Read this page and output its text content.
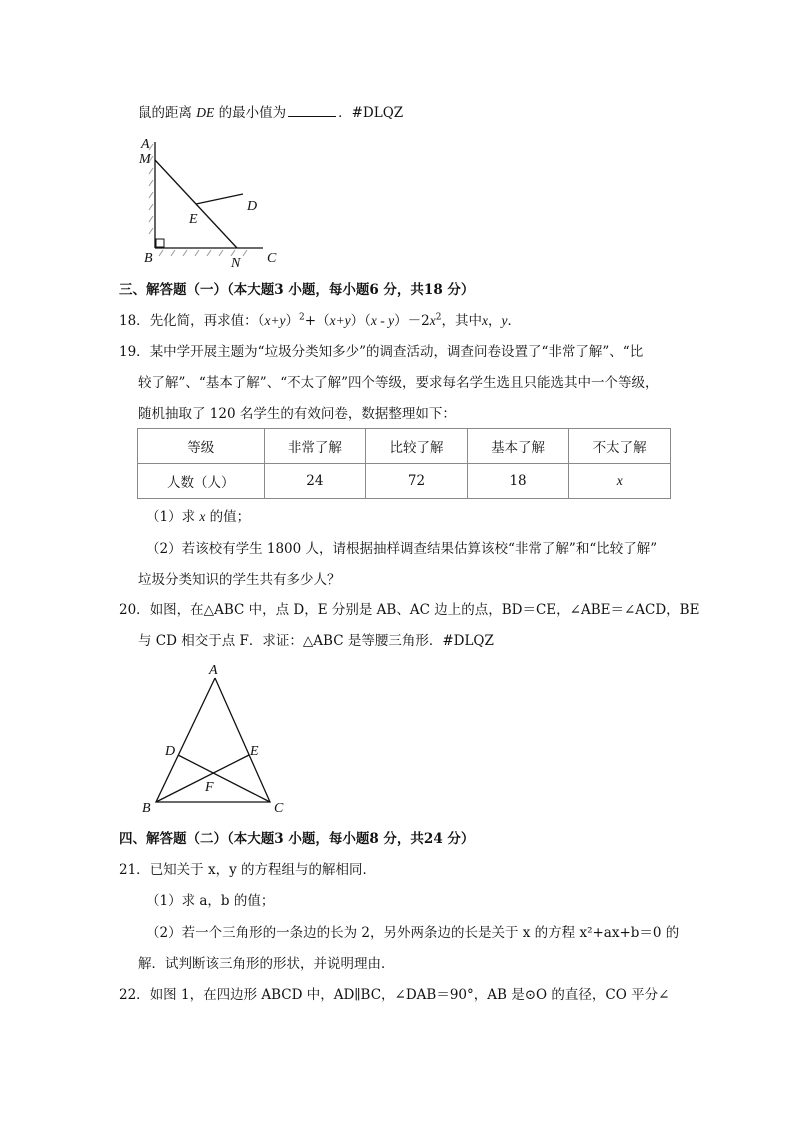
鼠的距离 DE 的最小值为	．#DLQZ
A
M
D
E
B	N C
三、解答题（一）（本大题3 小题，每小题6 分，共18 分）
18．先化简，再求值：$(x+y)^2+(x+y)(x - y)-2x^2$，其中x，y．
19．某中学开展主题为“垃圾分类知多少”的调查活动，调查问卷设置了“非常了解”、“比
较了解”、“基本了解”、“不太了解”四个等级，要求每名学生选且只能选其中一个等级，
随机抽取了 120 名学生的有效问卷，数据整理如下：
等级	非常了解	比较了解	基本了解	不太了解
人数（人）	24	72	18	x
（1）求 x 的值；
（2）若该校有学生 1800 人，请根据抽样调查结果估算该校“非常了解”和“比较了解”
垃圾分类知识的学生共有多少人？
20．如图，在△ABC 中，点 D，E 分别是 AB、AC 边上的点，BD＝CE，∠ABE＝∠ACD，BE
与 CD 相交于点 F．求证：△ABC 是等腰三角形．#DLQZ
A
B	C
D	E
F
四、解答题（二）（本大题3 小题，每小题8 分，共24 分）
21．已知关于 x，y 的方程组与的解相同．
（1）求 a，b 的值；
（2）若一个三角形的一条边的长为 2，另外两条边的长是关于 x 的方程 x²+ax+b＝0 的
解．试判断该三角形的形状，并说明理由．
22．如图 1，在四边形 ABCD 中，AD∥BC，∠DAB＝90°，AB 是⊙O 的直径，CO 平分∠
